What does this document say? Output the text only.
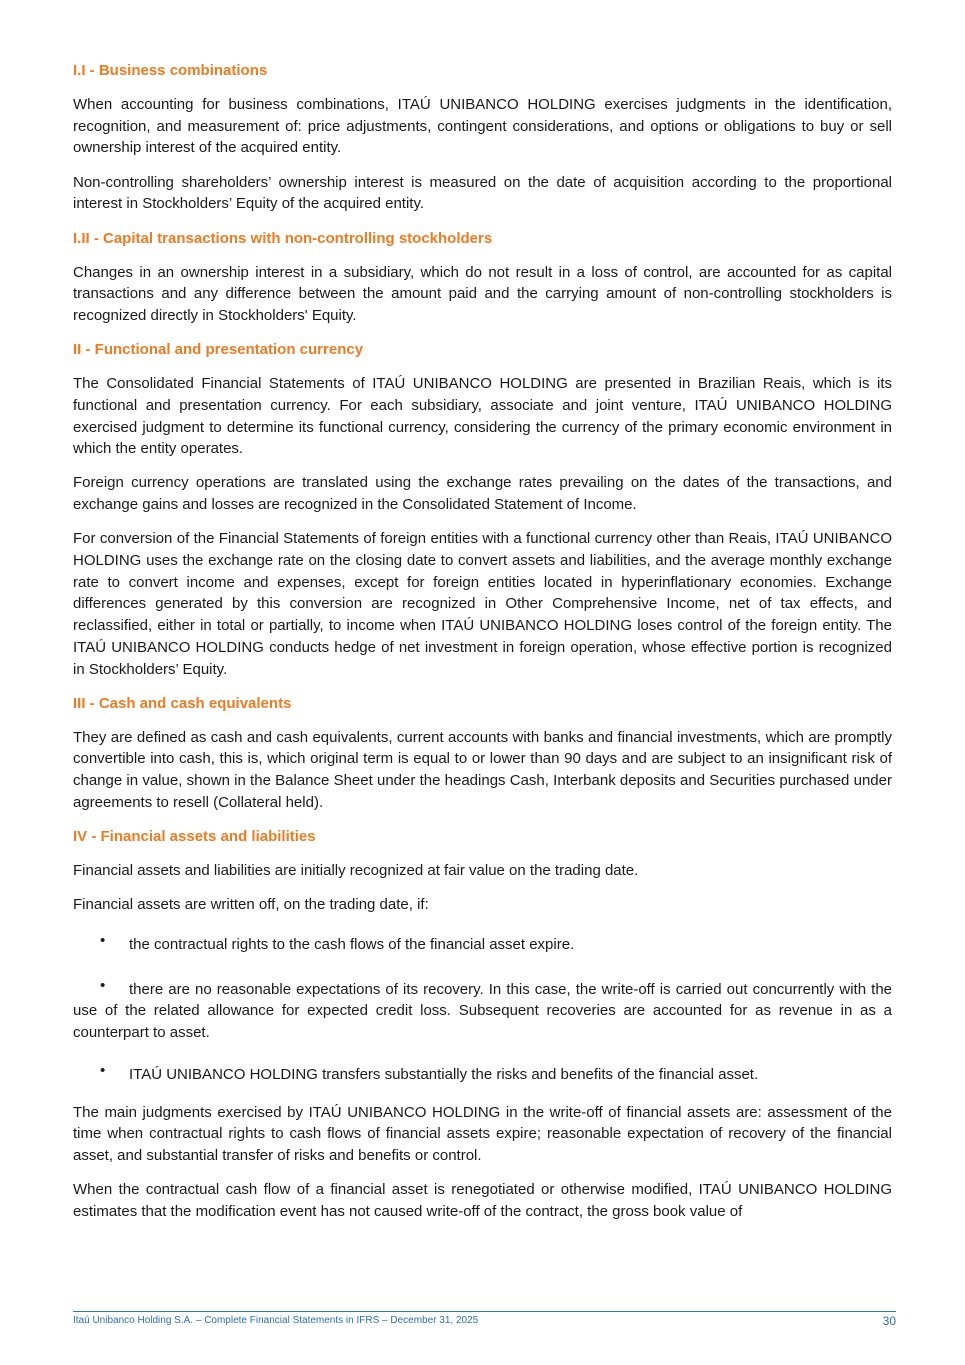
I.I - Business combinations

When accounting for business combinations, ITAÚ UNIBANCO HOLDING exercises judgments in the identification, recognition, and measurement of: price adjustments, contingent considerations, and options or obligations to buy or sell ownership interest of the acquired entity.

Non-controlling shareholders’ ownership interest is measured on the date of acquisition according to the proportional interest in Stockholders’ Equity of the acquired entity.

I.II - Capital transactions with non-controlling stockholders

Changes in an ownership interest in a subsidiary, which do not result in a loss of control, are accounted for as capital transactions and any difference between the amount paid and the carrying amount of non-controlling stockholders is recognized directly in Stockholders' Equity.

II - Functional and presentation currency

The Consolidated Financial Statements of ITAÚ UNIBANCO HOLDING are presented in Brazilian Reais, which is its functional and presentation currency. For each subsidiary, associate and joint venture, ITAÚ UNIBANCO HOLDING exercised judgment to determine its functional currency, considering the currency of the primary economic environment in which the entity operates.

Foreign currency operations are translated using the exchange rates prevailing on the dates of the transactions, and exchange gains and losses are recognized in the Consolidated Statement of Income.

For conversion of the Financial Statements of foreign entities with a functional currency other than Reais, ITAÚ UNIBANCO HOLDING uses the exchange rate on the closing date to convert assets and liabilities, and the average monthly exchange rate to convert income and expenses, except for foreign entities located in hyperinflationary economies. Exchange differences generated by this conversion are recognized in Other Comprehensive Income, net of tax effects, and reclassified, either in total or partially, to income when ITAÚ UNIBANCO HOLDING loses control of the foreign entity. The ITAÚ UNIBANCO HOLDING conducts hedge of net investment in foreign operation, whose effective portion is recognized in Stockholders’ Equity.

III - Cash and cash equivalents

They are defined as cash and cash equivalents, current accounts with banks and financial investments, which are promptly convertible into cash, this is, which original term is equal to or lower than 90 days and are subject to an insignificant risk of change in value, shown in the Balance Sheet under the headings Cash, Interbank deposits and Securities purchased under agreements to resell (Collateral held).

IV - Financial assets and liabilities

Financial assets and liabilities are initially recognized at fair value on the trading date.

Financial assets are written off, on the trading date, if:

• the contractual rights to the cash flows of the financial asset expire.
• there are no reasonable expectations of its recovery. In this case, the write-off is carried out concurrently with the use of the related allowance for expected credit loss. Subsequent recoveries are accounted for as revenue in as a counterpart to asset.
• ITAÚ UNIBANCO HOLDING transfers substantially the risks and benefits of the financial asset.

The main judgments exercised by ITAÚ UNIBANCO HOLDING in the write-off of financial assets are: assessment of the time when contractual rights to cash flows of financial assets expire; reasonable expectation of recovery of the financial asset, and substantial transfer of risks and benefits or control.

When the contractual cash flow of a financial asset is renegotiated or otherwise modified, ITAÚ UNIBANCO HOLDING estimates that the modification event has not caused write-off of the contract, the gross book value of

Itaú Unibanco Holding S.A. – Complete Financial Statements in IFRS – December 31, 2025	30
